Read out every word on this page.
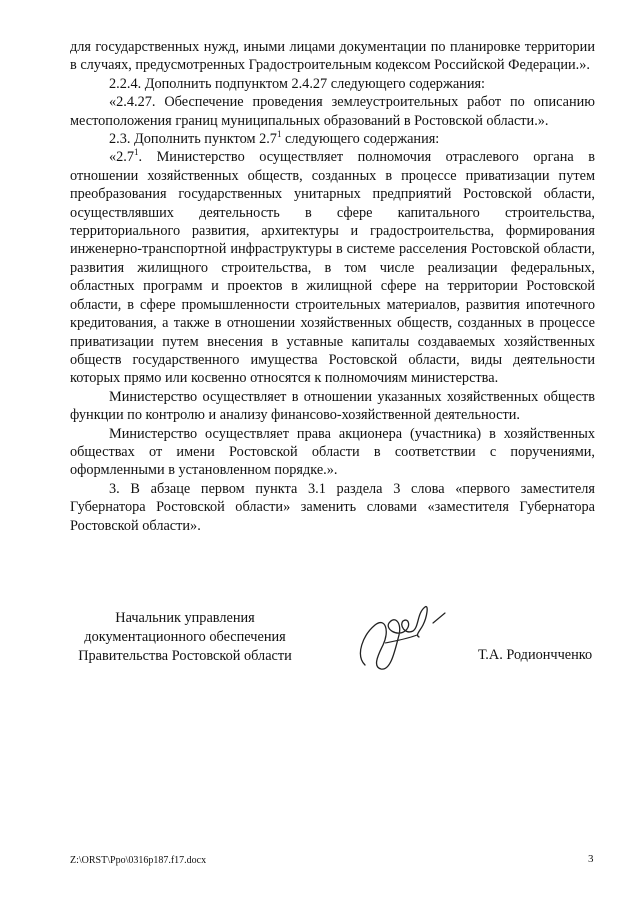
для государственных нужд, иными лицами документации по планировке территории в случаях, предусмотренных Градостроительным кодексом Российской Федерации.».

2.2.4. Дополнить подпунктом 2.4.27 следующего содержания:

«2.4.27. Обеспечение проведения землеустроительных работ по описанию местоположения границ муниципальных образований в Ростовской области.».

2.3. Дополнить пунктом $2.7^1$ следующего содержания:

«$2.7^1$. Министерство осуществляет полномочия отраслевого органа в отношении хозяйственных обществ, созданных в процессе приватизации путем преобразования государственных унитарных предприятий Ростовской области, осуществлявших деятельность в сфере капитального строительства, территориального развития, архитектуры и градостроительства, формирования инженерно-транспортной инфраструктуры в системе расселения Ростовской области, развития жилищного строительства, в том числе реализации федеральных, областных программ и проектов в жилищной сфере на территории Ростовской области, в сфере промышленности строительных материалов, развития ипотечного кредитования, а также в отношении хозяйственных обществ, созданных в процессе приватизации путем внесения в уставные капиталы создаваемых хозяйственных обществ государственного имущества Ростовской области, виды деятельности которых прямо или косвенно относятся к полномочиям министерства.

Министерство осуществляет в отношении указанных хозяйственных обществ функции по контролю и анализу финансово-хозяйственной деятельности.

Министерство осуществляет права акционера (участника) в хозяйственных обществах от имени Ростовской области в соответствии с поручениями, оформленными в установленном порядке.».

3. В абзаце первом пункта 3.1 раздела 3 слова «первого заместителя Губернатора Ростовской области» заменить словами «заместителя Губернатора Ростовской области».

Начальник управления
документационного обеспечения
Правительства Ростовской области	Т.А. Родиончченко
Z:\ORST\Ppo\0316p187.f17.docx	3
